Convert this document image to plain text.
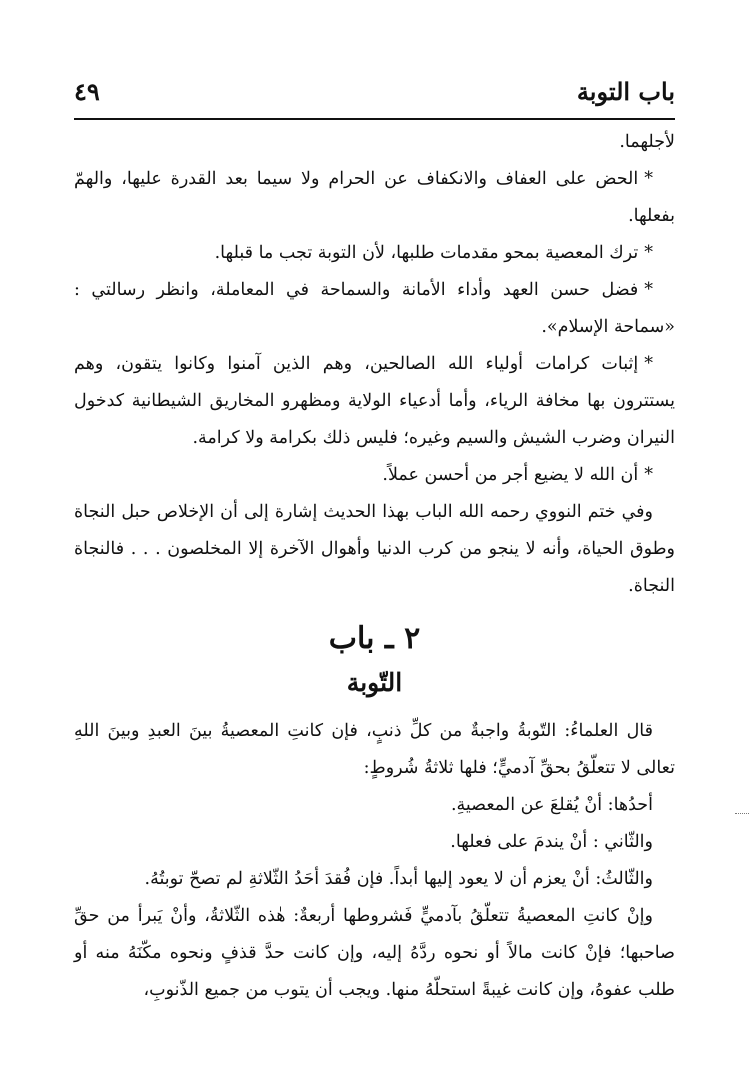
باب التوبة
٤٩

لأجلهما.

*الحض على العفاف والانكفاف عن الحرام ولا سيما بعد القدرة عليها، والهمّ بفعلها.

*ترك المعصية بمحو مقدمات طلبها، لأن التوبة تجب ما قبلها.

*فضل حسن العهد وأداء الأمانة والسماحة في المعاملة، وانظر رسالتي : «سماحة الإسلام».

*إثبات كرامات أولياء الله الصالحين، وهم الذين آمنوا وكانوا يتقون، وهم يستترون بها مخافة الرياء، وأما أدعياء الولاية ومظهرو المخاريق الشيطانية كدخول النيران وضرب الشيش والسيم وغيره؛ فليس ذلك بكرامة ولا كرامة.

*أن الله لا يضيع أجر من أحسن عملاً.

وفي ختم النووي رحمه الله الباب بهذا الحديث إشارة إلى أن الإخلاص حبل النجاة وطوق الحياة، وأنه لا ينجو من كرب الدنيا وأهوال الآخرة إلا المخلصون . . . فالنجاة النجاة.

٢ ـ باب
التّوبة

قال العلماءُ: التّوبةُ واجبةٌ من كلِّ ذنبٍ، فإن كانتِ المعصيةُ بينَ العبدِ وبينَ اللهِ تعالى لا تتعلّقُ بحقِّ آدميٍّ؛ فلها ثلاثةُ شُروطٍ:

أحدُها: أنْ يُقلعَ عن المعصيةِ.

والثّاني : أنْ يندمَ على فعلها.

والثّالثُ: أنْ يعزم أن لا يعود إليها أبداً. فإن فُقدَ أحَدُ الثّلاثةِ لم تصحّ توبتُهُ.

وإنْ كانتِ المعصيةُ تتعلّقُ بآدميٍّ فَشروطها أربعةٌ: هٰذه الثّلاثةُ، وأنْ يَبرأ من حقِّ صاحبها؛ فإنْ كانت مالاً أو نحوه ردَّهُ إليه، وإن كانت حدَّ قذفٍ ونحوه مكّنَهُ منه أو طلب عفوهُ، وإن كانت غيبةً استحلّهُ منها. ويجب أن يتوب من جميع الذّنوبِ،
